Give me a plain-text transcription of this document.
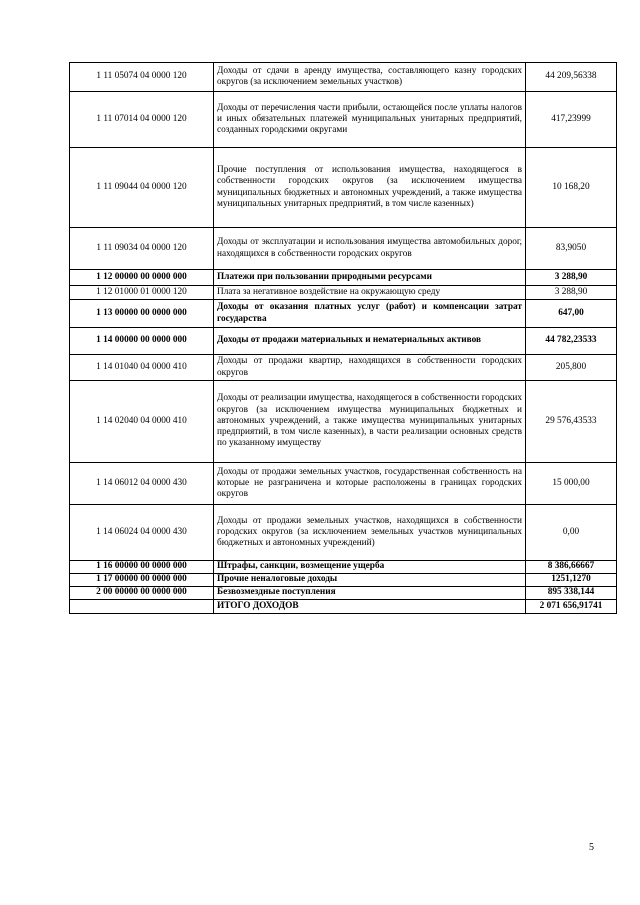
1 11 05074 04 0000 120	Доходы от сдачи в аренду имущества, составляющего казну городских округов (за исключением земельных участков)	44 209,56338
1 11 07014 04 0000 120	Доходы от перечисления части прибыли, остающейся после уплаты налогов и иных обязательных платежей муниципальных унитарных предприятий, созданных городскими округами	417,23999
1 11 09044 04 0000 120	Прочие поступления от использования имущества, находящегося в собственности городских округов (за исключением имущества муниципальных бюджетных и автономных учреждений, а также имущества муниципальных унитарных предприятий, в том числе казенных)	10 168,20
1 11 09034 04 0000 120	Доходы от эксплуатации и использования имущества автомобильных дорог, находящихся в собственности городских округов	83,9050
1 12 00000 00 0000 000	Платежи при пользовании природными ресурсами	3 288,90
1 12 01000 01 0000 120	Плата за негативное воздействие на окружающую среду	3 288,90
1 13 00000 00 0000 000	Доходы от оказания платных услуг (работ) и компенсации затрат государства	647,00
1 14 00000 00 0000 000	Доходы от продажи материальных и нематериальных активов	44 782,23533
1 14 01040 04 0000 410	Доходы от продажи квартир, находящихся в собственности городских округов	205,800
1 14 02040 04 0000 410	Доходы от реализации имущества, находящегося в собственности городских округов (за исключением имущества муниципальных бюджетных и автономных учреждений, а также имущества муниципальных унитарных предприятий, в том числе казенных), в части реализации основных средств по указанному имуществу	29 576,43533
1 14 06012 04 0000 430	Доходы от продажи земельных участков, государственная собственность на которые не разграничена и которые расположены в границах городских округов	15 000,00
1 14 06024 04 0000 430	Доходы от продажи земельных участков, находящихся в собственности городских округов (за исключением земельных участков муниципальных бюджетных и автономных учреждений)	0,00
1 16 00000 00 0000 000	Штрафы, санкции, возмещение ущерба	8 386,66667
1 17 00000 00 0000 000	Прочие неналоговые доходы	1251,1270
2 00 00000 00 0000 000	Безвозмездные поступления	895 338,144
	ИТОГО ДОХОДОВ	2 071 656,91741
5
